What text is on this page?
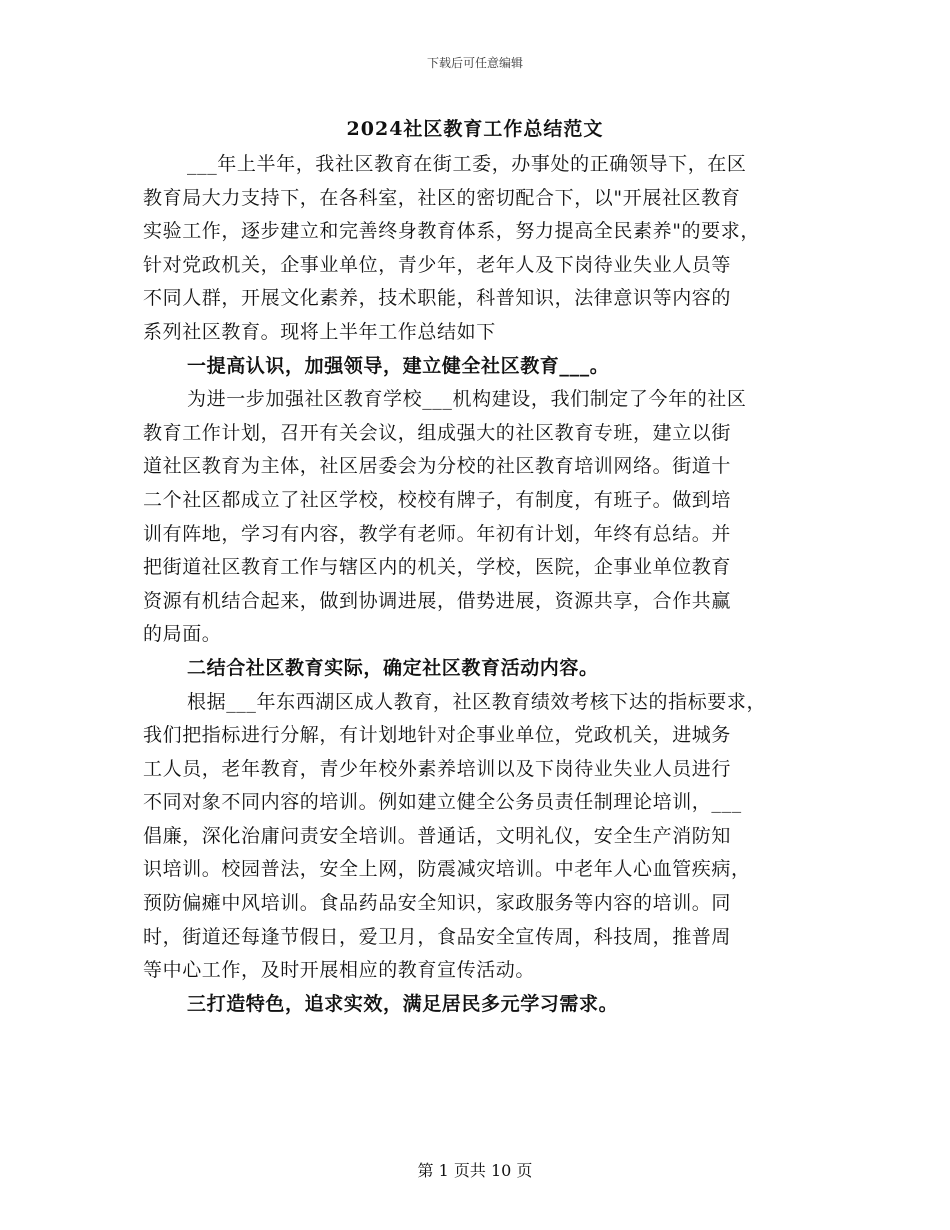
下载后可任意编辑
2024社区教育工作总结范文
___年上半年，我社区教育在街工委，办事处的正确领导下，在区
教育局大力支持下，在各科室，社区的密切配合下，以"开展社区教育
实验工作，逐步建立和完善终身教育体系，努力提高全民素养"的要求，
针对党政机关，企事业单位，青少年，老年人及下岗待业失业人员等
不同人群，开展文化素养，技术职能，科普知识，法律意识等内容的
系列社区教育。现将上半年工作总结如下
一提高认识，加强领导，建立健全社区教育___。
为进一步加强社区教育学校___机构建设，我们制定了今年的社区
教育工作计划，召开有关会议，组成强大的社区教育专班，建立以街
道社区教育为主体，社区居委会为分校的社区教育培训网络。街道十
二个社区都成立了社区学校，校校有牌子，有制度，有班子。做到培
训有阵地，学习有内容，教学有老师。年初有计划，年终有总结。并
把街道社区教育工作与辖区内的机关，学校，医院，企事业单位教育
资源有机结合起来，做到协调进展，借势进展，资源共享，合作共赢
的局面。
二结合社区教育实际，确定社区教育活动内容。
根据___年东西湖区成人教育，社区教育绩效考核下达的指标要求，
我们把指标进行分解，有计划地针对企事业单位，党政机关，进城务
工人员，老年教育，青少年校外素养培训以及下岗待业失业人员进行
不同对象不同内容的培训。例如建立健全公务员责任制理论培训，___
倡廉，深化治庸问责安全培训。普通话，文明礼仪，安全生产消防知
识培训。校园普法，安全上网，防震减灾培训。中老年人心血管疾病，
预防偏瘫中风培训。食品药品安全知识，家政服务等内容的培训。同
时，街道还每逢节假日，爱卫月，食品安全宣传周，科技周，推普周
等中心工作，及时开展相应的教育宣传活动。
三打造特色，追求实效，满足居民多元学习需求。
第 1 页共 10 页
